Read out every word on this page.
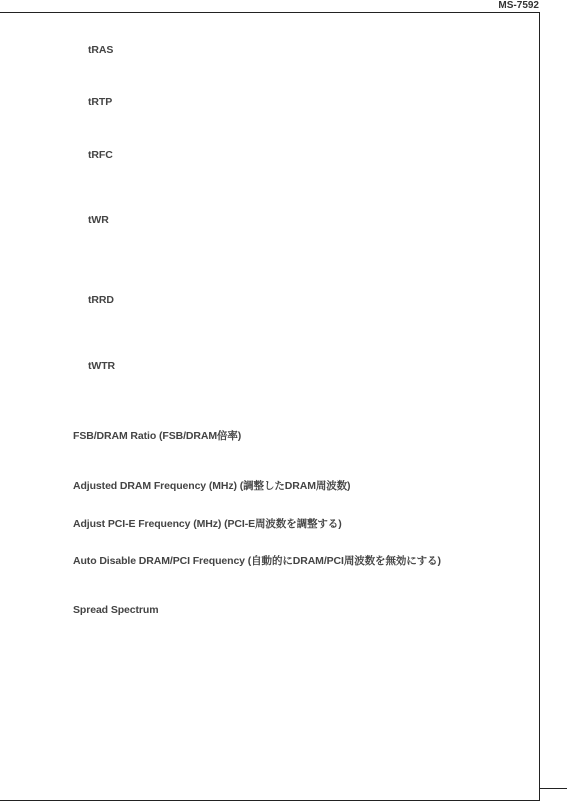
MS-7592
tRAS
tRTP
tRFC
tWR
tRRD
tWTR
FSB/DRAM Ratio (FSB/DRAM倍率)
Adjusted DRAM Frequency (MHz) (調整したDRAM周波数)
Adjust PCI-E Frequency (MHz) (PCI-E周波数を調整する)
Auto Disable DRAM/PCI Frequency (自動的にDRAM/PCI周波数を無効にする)
Spread Spectrum
